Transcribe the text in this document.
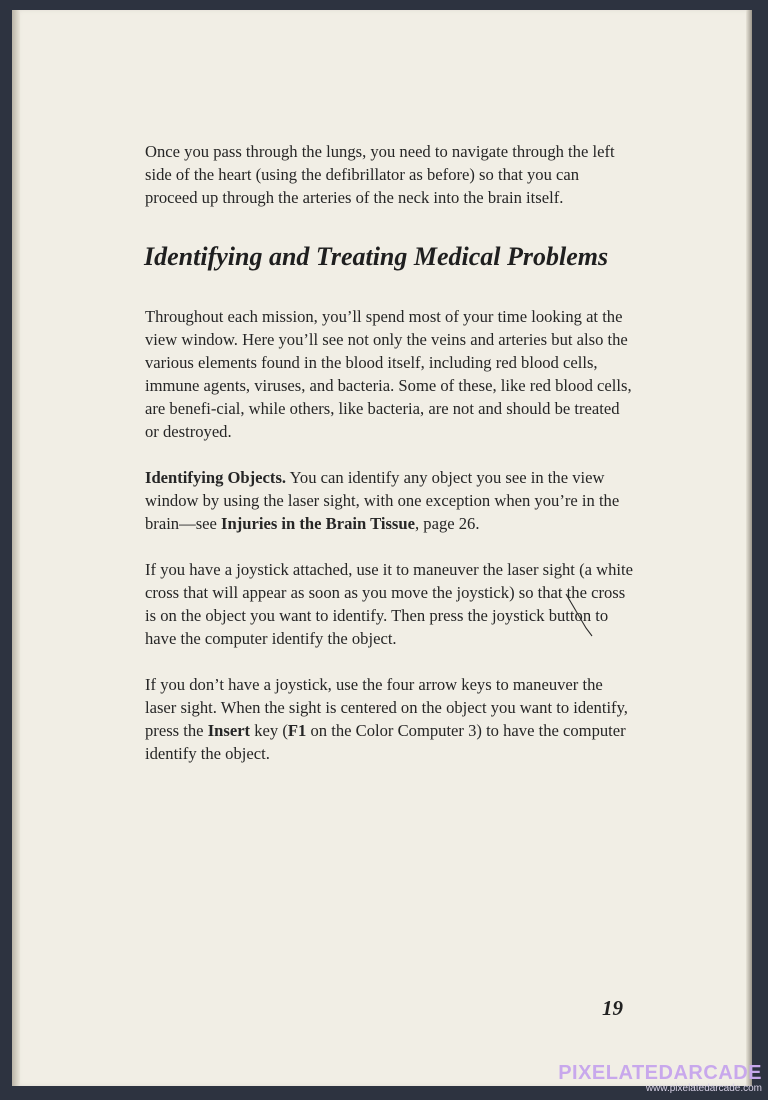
Once you pass through the lungs, you need to navigate through the left side of the heart (using the defibrillator as before) so that you can proceed up through the arteries of the neck into the brain itself.

Identifying and Treating Medical Problems

Throughout each mission, you’ll spend most of your time looking at the view window. Here you’ll see not only the veins and arteries but also the various elements found in the blood itself, including red blood cells, immune agents, viruses, and bacteria. Some of these, like red blood cells, are benefi-cial, while others, like bacteria, are not and should be treated or destroyed.

Identifying Objects. You can identify any object you see in the view window by using the laser sight, with one exception when you’re in the brain—see Injuries in the Brain Tissue, page 26.

If you have a joystick attached, use it to maneuver the laser sight (a white cross that will appear as soon as you move the joystick) so that the cross is on the object you want to identify. Then press the joystick button to have the computer identify the object.

If you don’t have a joystick, use the four arrow keys to maneuver the laser sight. When the sight is centered on the object you want to identify, press the Insert key (F1 on the Color Computer 3) to have the computer identify the object.

19
PIXELATEDARCADE
www.pixelatedarcade.com
